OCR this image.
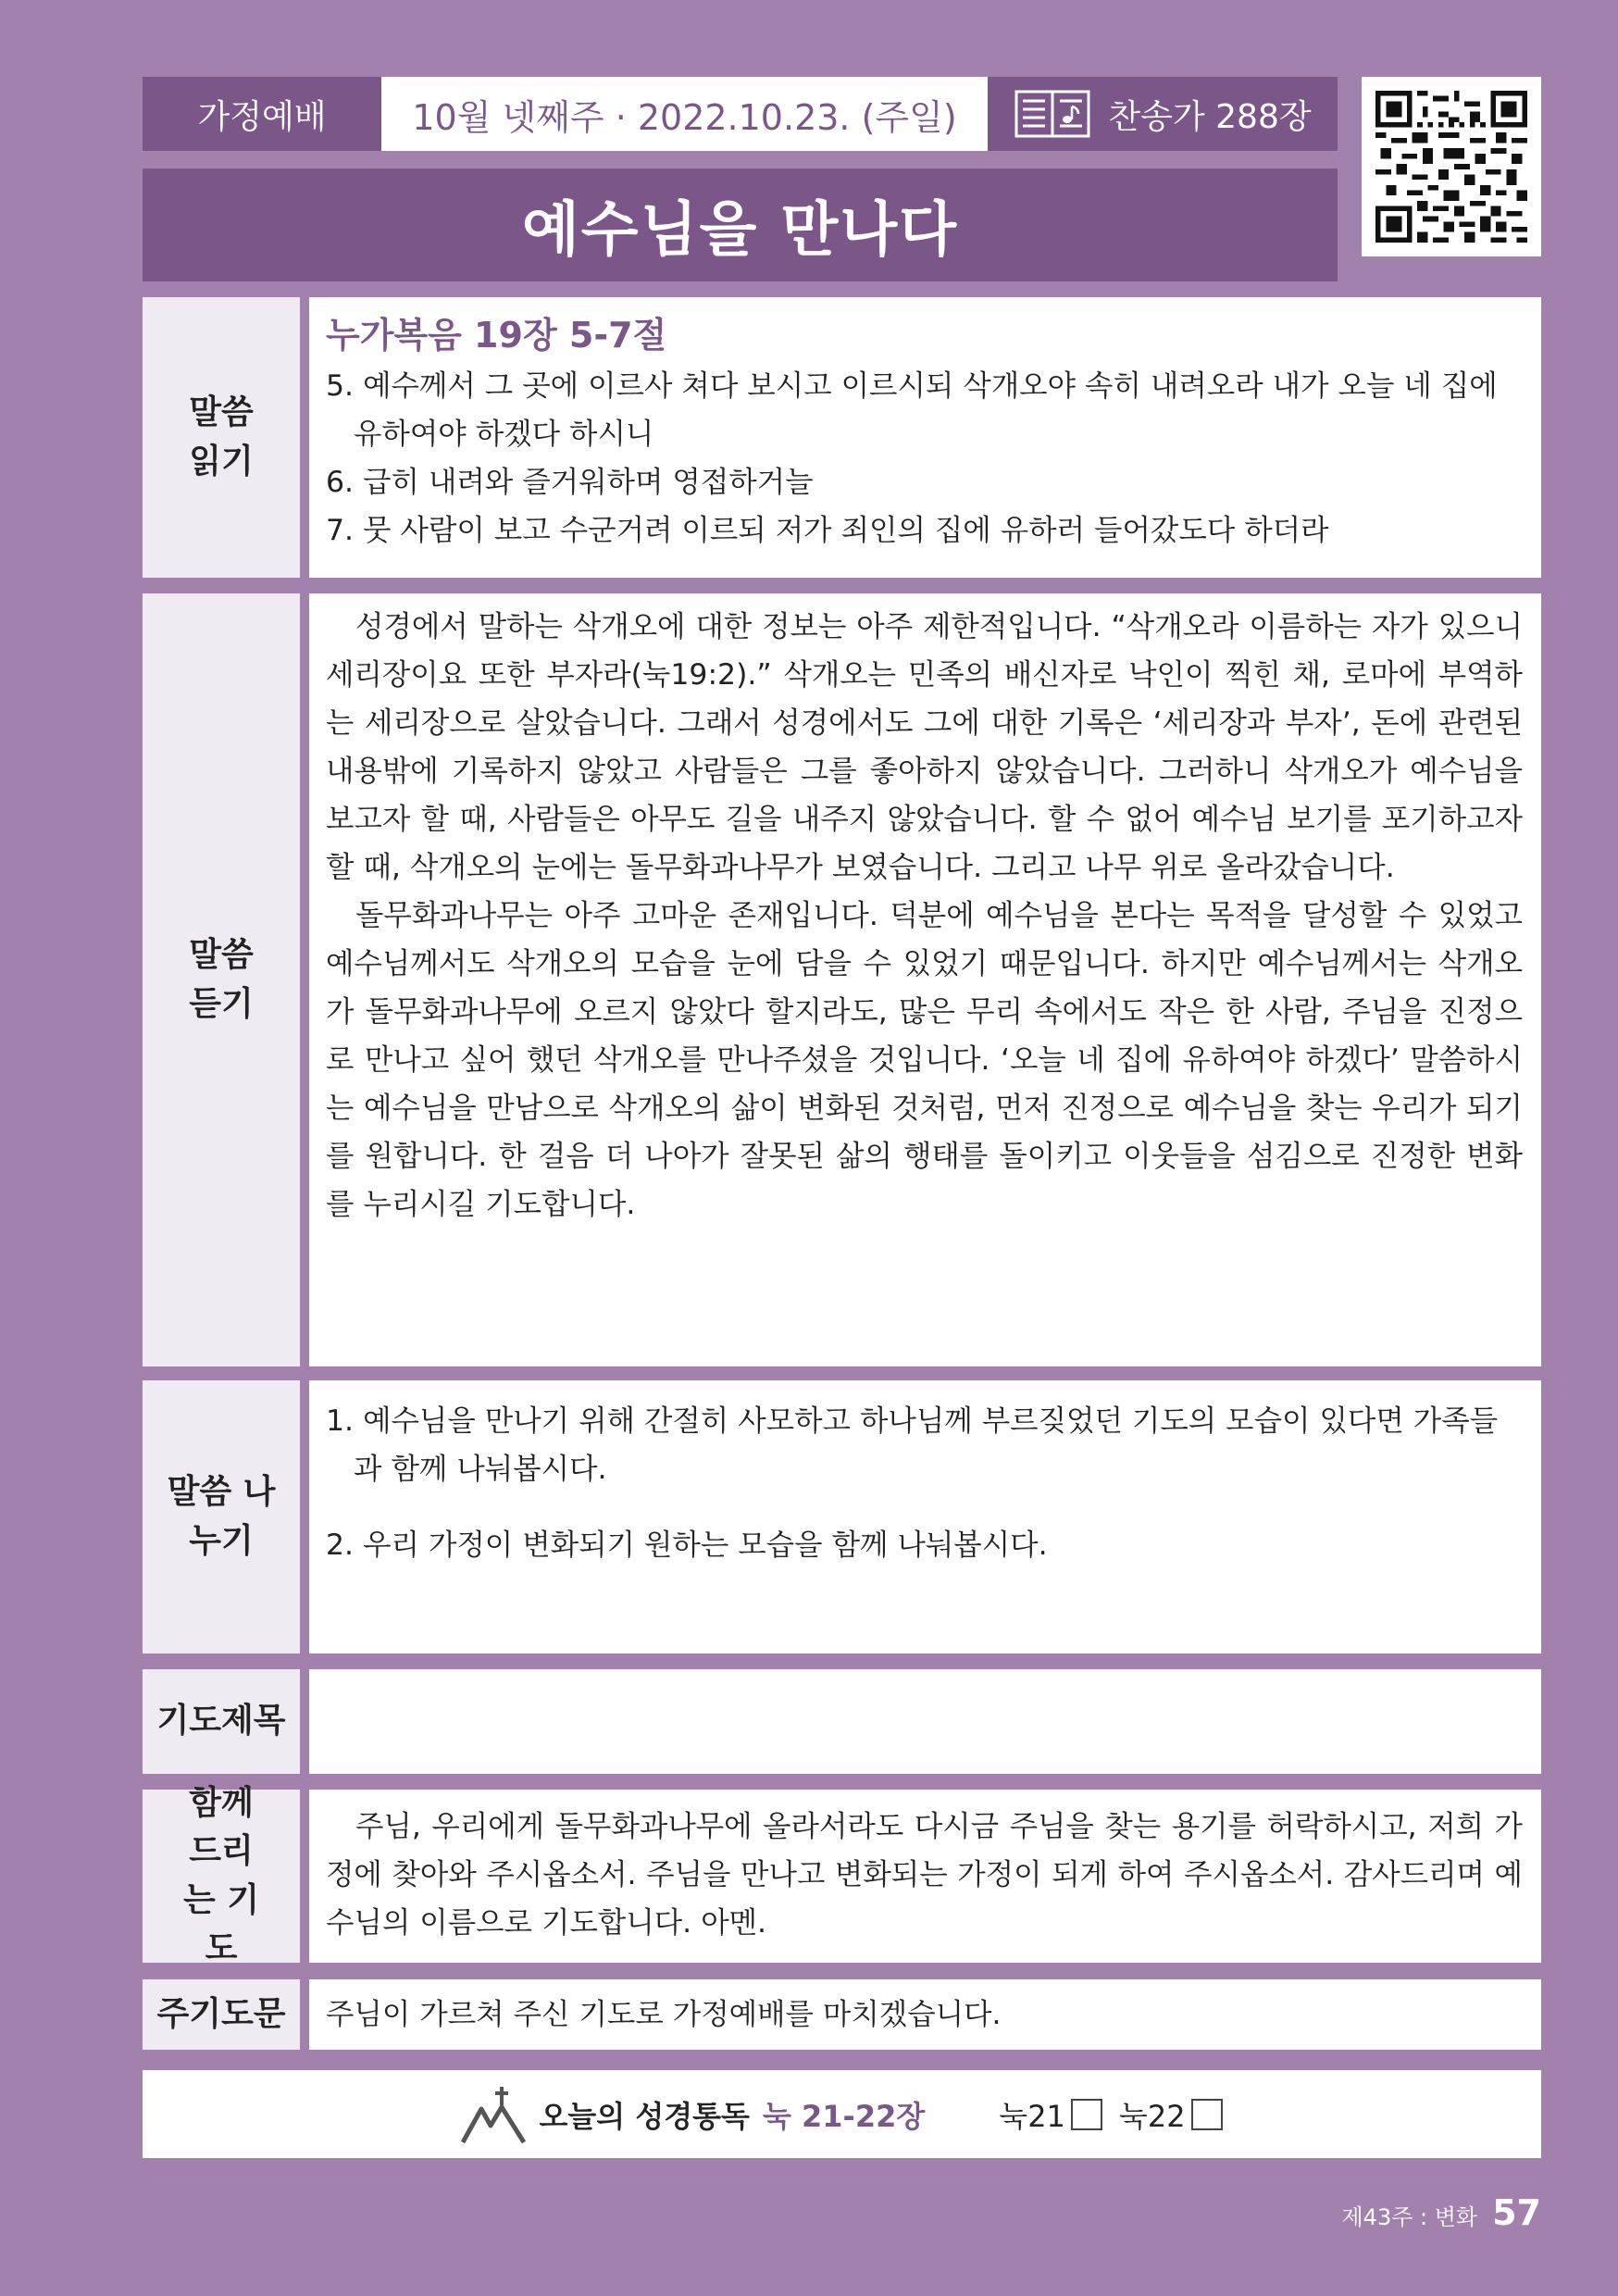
가정예배 10월 넷째주 · 2022.10.23. (주일)	찬송가 288장
예수님을 만나다
말씀 읽기
누가복음 19장 5-7절

5. 예수께서 그 곳에 이르사 쳐다 보시고 이르시되 삭개오야 속히 내려오라 내가 오늘 네 집에 유하여야 하겠다 하시니

6. 급히 내려와 즐거워하며 영접하거늘

7. 뭇 사람이 보고 수군거려 이르되 저가 죄인의 집에 유하러 들어갔도다 하더라

말씀 듣기

성경에서 말하는 삭개오에 대한 정보는 아주 제한적입니다. “삭개오라 이름하는 자가 있으니 세리장이요 또한 부자라(눅19:2).” 삭개오는 민족의 배신자로 낙인이 찍힌 채, 로마에 부역하는 세리장으로 살았습니다. 그래서 성경에서도 그에 대한 기록은 ‘세리장과 부자’, 돈에 관련된 내용밖에 기록하지 않았고 사람들은 그를 좋아하지 않았습니다. 그러하니 삭개오가 예수님을 보고자 할 때, 사람들은 아무도 길을 내주지 않았습니다. 할 수 없어 예수님 보기를 포기하고자 할 때, 삭개오의 눈에는 돌무화과나무가 보였습니다. 그리고 나무 위로 올라갔습니다.

돌무화과나무는 아주 고마운 존재입니다. 덕분에 예수님을 본다는 목적을 달성할 수 있었고 예수님께서도 삭개오의 모습을 눈에 담을 수 있었기 때문입니다. 하지만 예수님께서는 삭개오가 돌무화과나무에 오르지 않았다 할지라도, 많은 무리 속에서도 작은 한 사람, 주님을 진정으로 만나고 싶어 했던 삭개오를 만나주셨을 것입니다. ‘오늘 네 집에 유하여야 하겠다’ 말씀하시는 예수님을 만남으로 삭개오의 삶이 변화된 것처럼, 먼저 진정으로 예수님을 찾는 우리가 되기를 원합니다. 한 걸음 더 나아가 잘못된 삶의 행태를 돌이키고 이웃들을 섬김으로 진정한 변화를 누리시길 기도합니다.

말씀 나누기

1. 예수님을 만나기 위해 간절히 사모하고 하나님께 부르짖었던 기도의 모습이 있다면 가족들과 함께 나눠봅시다.

2. 우리 가정이 변화되기 원하는 모습을 함께 나눠봅시다.

기도제목
함께 드리는 기도

주님, 우리에게 돌무화과나무에 올라서라도 다시금 주님을 찾는 용기를 허락하시고, 저희 가정에 찾아와 주시옵소서. 주님을 만나고 변화되는 가정이 되게 하여 주시옵소서. 감사드리며 예수님의 이름으로 기도합니다. 아멘.

주기도문 주님이 가르쳐 주신 기도로 가정예배를 마치겠습니다.
오늘의 성경통독 눅 21-22장	눅21 눅22
제43주 : 변화 57
